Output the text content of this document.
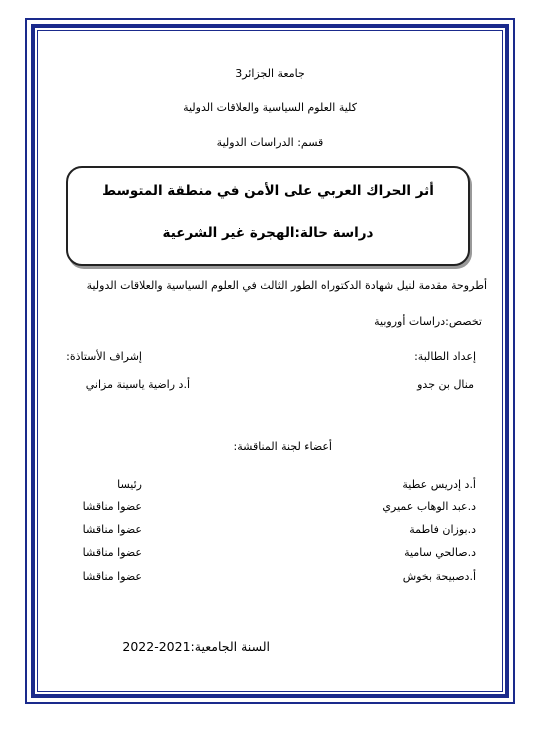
جامعة الجزائر3
كلية العلوم السياسية والعلاقات الدولية
قسم: الدراسات الدولية
أثر الحراك العربي على الأمن في منطقة المتوسط
دراسة حالة:الهجرة غير الشرعية
أطروحة مقدمة لنيل شهادة الدكتوراه الطور الثالث في العلوم السياسية والعلاقات الدولية
تخصص:دراسات أوروبية
إعداد الطالبة:
إشراف الأستاذة:
منال بن جدو
أ.د راضية ياسينة مزاني
أعضاء لجنة المناقشة:
أ.د إدريس عطية
رئيسا
د.عبد الوهاب عميري
عضوا مناقشا
د.بوزان فاطمة
عضوا مناقشا
د.صالحي سامية
عضوا مناقشا
أ.دصبيحة بخوش
عضوا مناقشا
السنة الجامعية:2021-2022
